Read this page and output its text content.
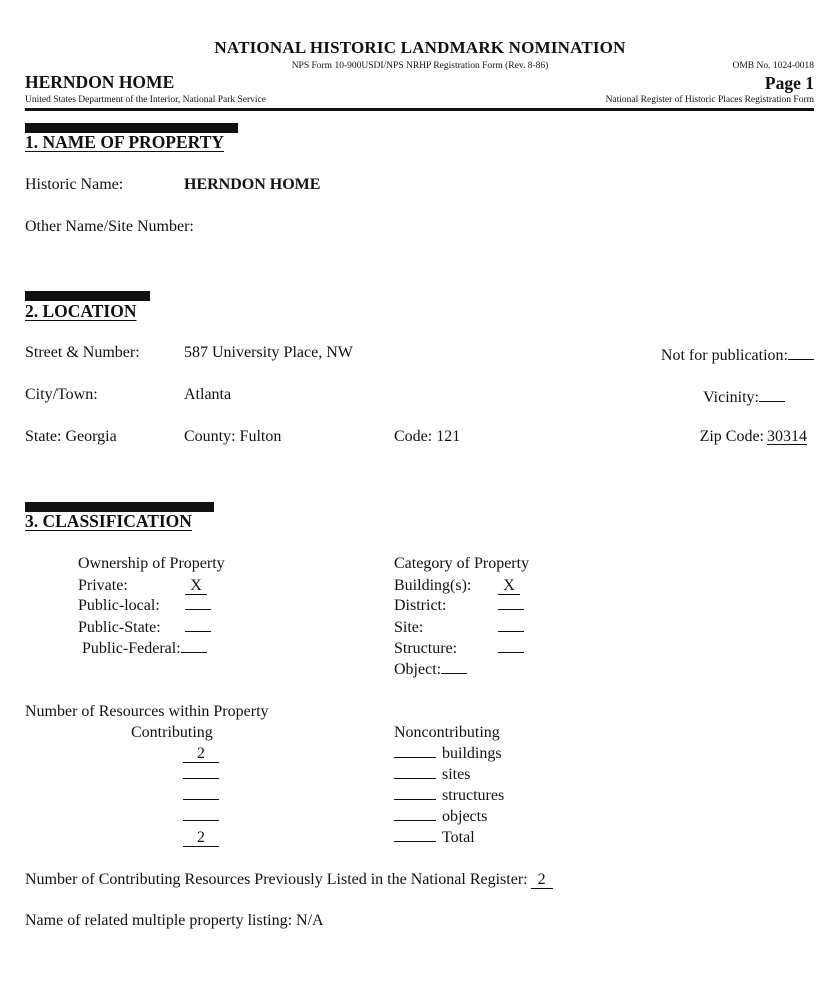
NATIONAL HISTORIC LANDMARK NOMINATION
NPS Form 10-900USDI/NPS NRHP Registration Form (Rev. 8-86)
HERNDON HOME
OMB No. 1024-0018
Page 1
United States Department of the Interior, National Park Service	National Register of Historic Places Registration Form
1. NAME OF PROPERTY
Historic Name:	HERNDON HOME
Other Name/Site Number:
2. LOCATION
Street & Number:	587 University Place, NW	Not for publication:
City/Town:	Atlanta	Vicinity:
State: Georgia	County: Fulton	Code: 121	Zip Code: 30314
3. CLASSIFICATION
Ownership of Property
Private:	X
Public-local:
Public-State:
Public-Federal:
Category of Property
Building(s):	X
District:
Site:
Structure:
Object:
Number of Resources within Property
Contributing	Noncontributing
2	buildings
sites
structures
objects
2	Total
Number of Contributing Resources Previously Listed in the National Register: 2
Name of related multiple property listing: N/A
